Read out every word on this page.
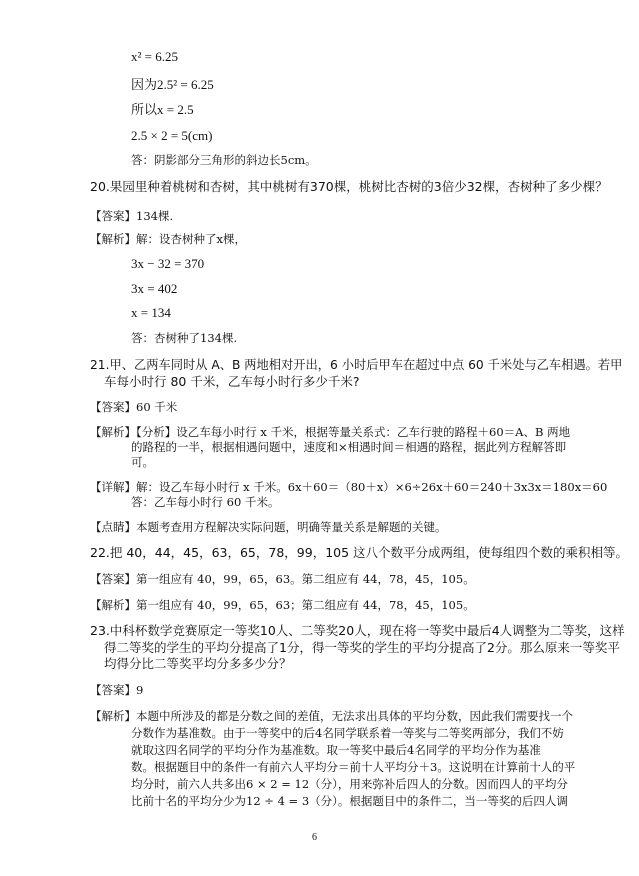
x² = 6.25
因为2.5² = 6.25
所以x = 2.5
2.5 × 2 = 5(cm)
答：阴影部分三角形的斜边长5cm。
20.果园里种着桃树和杏树，其中桃树有370棵，桃树比杏树的3倍少32棵，杏树种了多少棵？
【答案】134棵.
【解析】解：设杏树种了x棵，
3x − 32 = 370
3x = 402
x = 134
答：杏树种了134棵.
21.甲、乙两车同时从 A、B 两地相对开出，6 小时后甲车在超过中点 60 千米处与乙车相遇。若甲
车每小时行 80 千米，乙车每小时行多少千米?
【答案】60 千米
【解析】【分析】设乙车每小时行 x 千米，根据等量关系式：乙车行驶的路程＋60＝A、B 两地
的路程的一半，根据相遇问题中，速度和×相遇时间＝相遇的路程，据此列方程解答即
可。
【详解】解：设乙车每小时行 x 千米。6x＋60＝（80＋x）×6÷26x＋60＝240＋3x3x＝180x＝60
答：乙车每小时行 60 千米。
【点睛】本题考查用方程解决实际问题，明确等量关系是解题的关键。
22.把 40，44，45，63，65，78，99，105 这八个数平分成两组，使每组四个数的乘积相等。
【答案】第一组应有 40，99，65，63。第二组应有 44，78，45，105。
【解析】第一组应有 40，99，65，63；第二组应有 44，78，45，105。
23.中科杯数学竞赛原定一等奖10人、二等奖20人，现在将一等奖中最后4人调整为二等奖，这样
得二等奖的学生的平均分提高了1分，得一等奖的学生的平均分提高了2分。那么原来一等奖平
均得分比二等奖平均分多多少分？
【答案】9
【解析】本题中所涉及的都是分数之间的差值，无法求出具体的平均分数，因此我们需要找一个
分数作为基准数。由于一等奖中的后4名同学联系着一等奖与二等奖两部分，我们不妨
就取这四名同学的平均分作为基准数。取一等奖中最后4名同学的平均分作为基准
数。根据题目中的条件一有前六人平均分＝前十人平均分＋3。这说明在计算前十人的平
均分时，前六人共多出6 × 2 = 12（分），用来弥补后四人的分数。因而四人的平均分
比前十名的平均分少为12 ÷ 4 = 3（分）。根据题目中的条件二，当一等奖的后四人调
6
